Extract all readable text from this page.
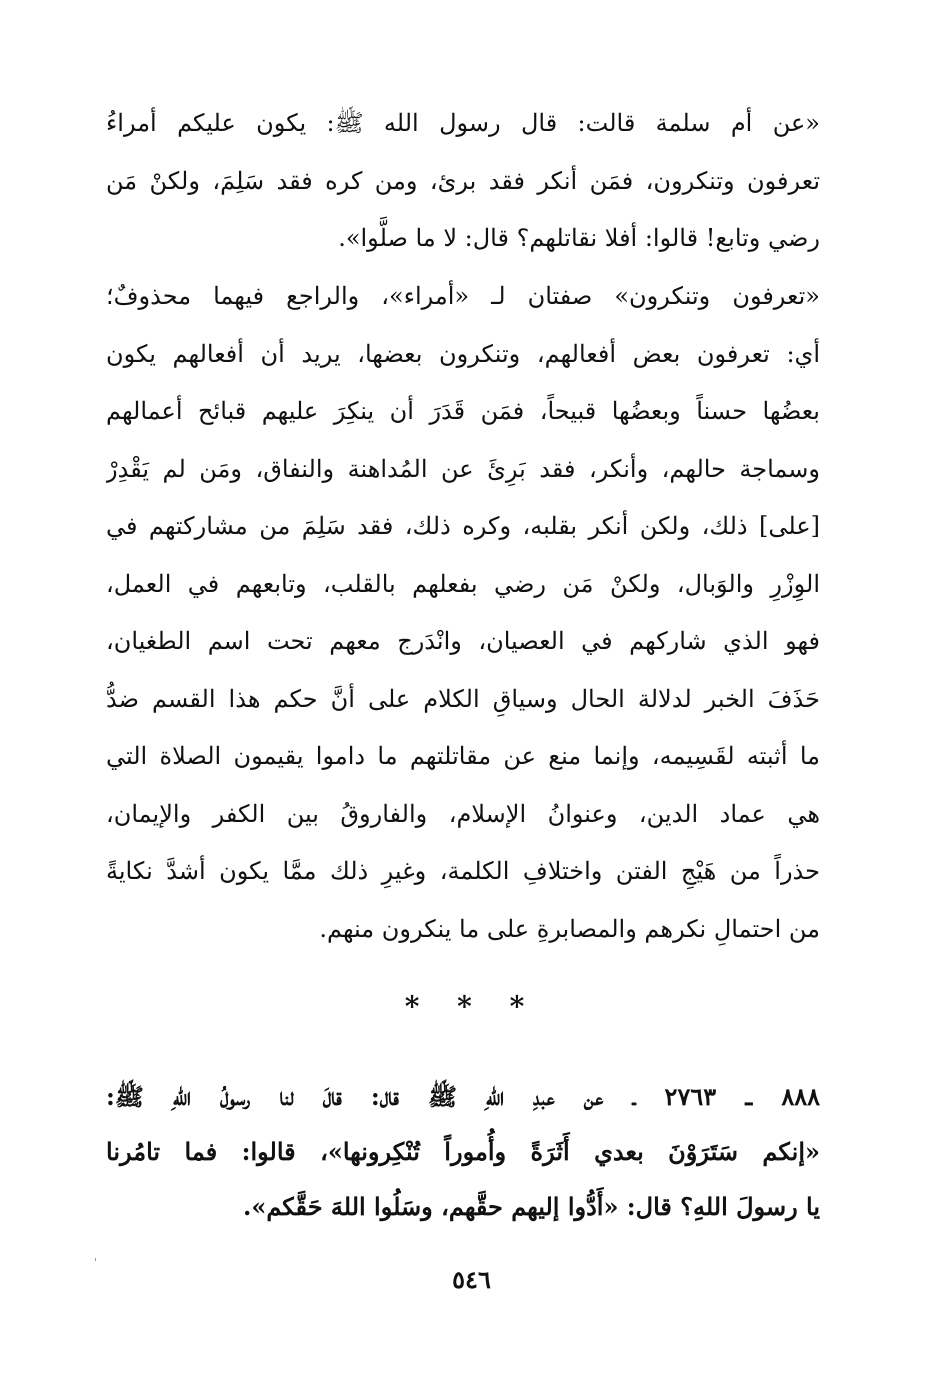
«عن أم سلمة قالت: قال رسول الله ﷺ: يكون عليكم أمراءُ
تعرفون وتنكرون، فمَن أنكر فقد برئ، ومن كره فقد سَلِمَ، ولكنْ مَن
رضي وتابع! قالوا: أفلا نقاتلهم؟ قال: لا ما صلَّوا».
«تعرفون وتنكرون» صفتان لـ «أمراء»، والراجع فيهما محذوفٌ؛
أي: تعرفون بعض أفعالهم، وتنكرون بعضها، يريد أن أفعالهم يكون
بعضُها حسناً وبعضُها قبيحاً، فمَن قَدَرَ أن ينكِرَ عليهم قبائح أعمالهم
وسماجة حالهم، وأنكر، فقد بَرِئَ عن المُداهنة والنفاق، ومَن لم يَقْدِرْ
[على] ذلك، ولكن أنكر بقلبه، وكره ذلك، فقد سَلِمَ من مشاركتهم في
الوِزْرِ والوَبال، ولكنْ مَن رضي بفعلهم بالقلب، وتابعهم في العمل،
فهو الذي شاركهم في العصيان، وانْدَرج معهم تحت اسم الطغيان،
حَذَفَ الخبر لدلالة الحال وسياقِ الكلام على أنَّ حكم هذا القسم ضدُّ
ما أثبته لقَسِيمه، وإنما منع عن مقاتلتهم ما داموا يقيمون الصلاة التي
هي عماد الدين، وعنوانُ الإسلام، والفاروقُ بين الكفر والإيمان،
حذراً من هَيْجِ الفتن واختلافِ الكلمة، وغيرِ ذلك ممَّا يكون أشدَّ نكايةً
من احتمالِ نكرهم والمصابرةِ على ما ينكرون منهم.
* * *
٨٨٨ ـ ٢٧٦٣ ـ عن عبدِ اللهِ ﷺ قال: قالَ لنا رسولُ اللهِ ﷺ:
«إنكم سَتَرَوْنَ بعدي أَثَرَةً وأُموراً تُنْكِرونها»، قالوا: فما تامُرنا
يا رسولَ اللهِ؟ قال: «أَدُّوا إليهم حقَّهم، وسَلُوا اللهَ حَقَّكم».
٥٤٦
